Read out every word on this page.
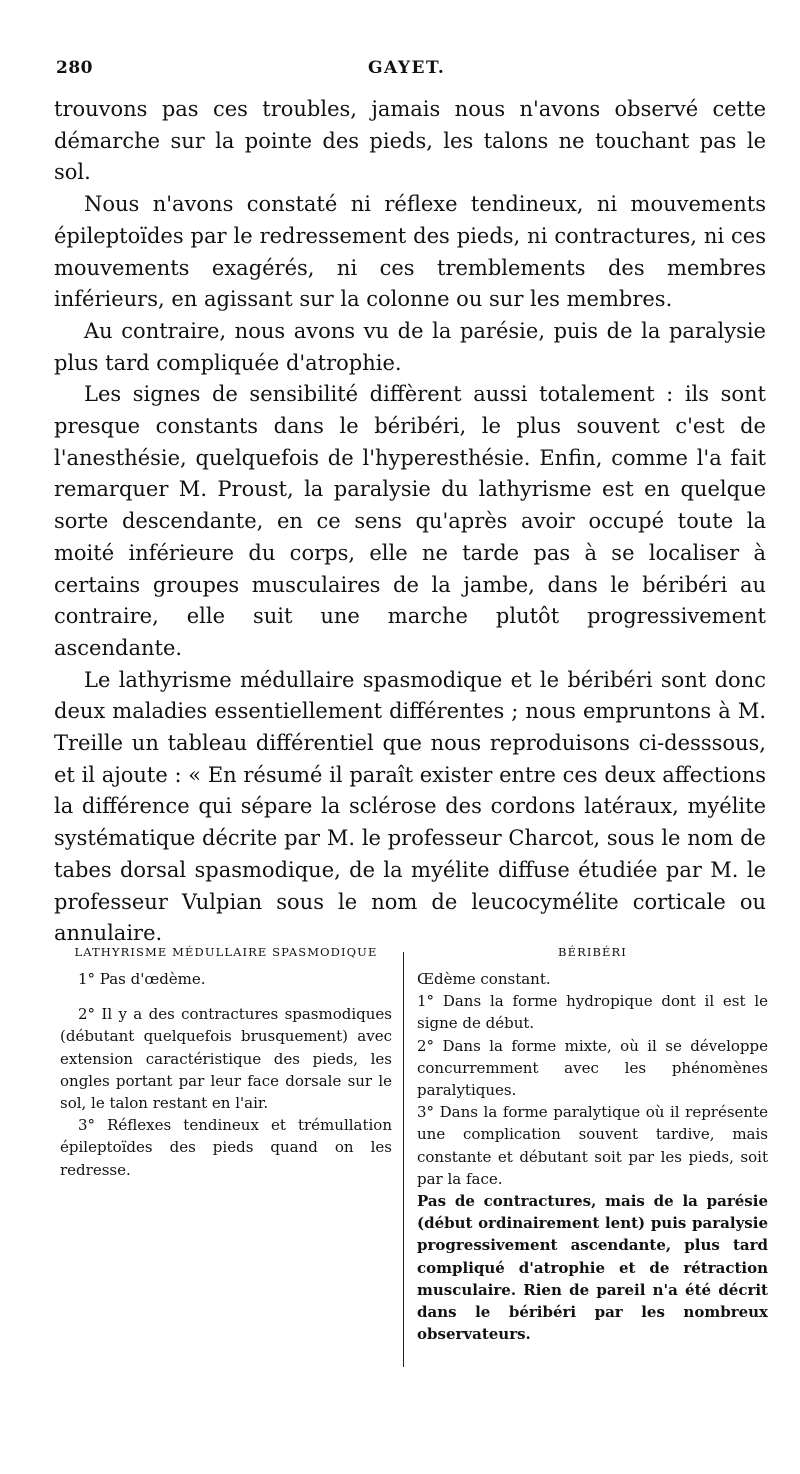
280	GAYET.

trouvons pas ces troubles, jamais nous n'avons observé cette démarche sur la pointe des pieds, les talons ne touchant pas le sol.

Nous n'avons constaté ni réflexe tendineux, ni mouvements épileptoïdes par le redressement des pieds, ni contractures, ni ces mouvements exagérés, ni ces tremblements des membres inférieurs, en agissant sur la colonne ou sur les membres.

Au contraire, nous avons vu de la parésie, puis de la paralysie plus tard compliquée d'atrophie.

Les signes de sensibilité diffèrent aussi totalement : ils sont presque constants dans le béribéri, le plus souvent c'est de l'anesthésie, quelquefois de l'hyperesthésie. Enfin, comme l'a fait remarquer M. Proust, la paralysie du lathyrisme est en quelque sorte descendante, en ce sens qu'après avoir occupé toute la moité inférieure du corps, elle ne tarde pas à se localiser à certains groupes musculaires de la jambe, dans le béribéri au contraire, elle suit une marche plutôt progressivement ascendante.

Le lathyrisme médullaire spasmodique et le béribéri sont donc deux maladies essentiellement différentes ; nous empruntons à M. Treille un tableau différentiel que nous reproduisons ci-desssous, et il ajoute : « En résumé il paraît exister entre ces deux affections la différence qui sépare la sclérose des cordons latéraux, myélite systématique décrite par M. le professeur Charcot, sous le nom de tabes dorsal spasmodique, de la myélite diffuse étudiée par M. le professeur Vulpian sous le nom de leucocymélite corticale ou annulaire.

LATHYRISME MÉDULLAIRE SPASMODIQUE

1° Pas d'œdème.

2° Il y a des contractures spasmodiques (débutant quelquefois brusquement) avec extension caractéristique des pieds, les ongles portant par leur face dorsale sur le sol, le talon restant en l'air.

3° Réflexes tendineux et trémullation épileptoïdes des pieds quand on les redresse.

BÉRIBÉRI

Œdème constant.

1° Dans la forme hydropique dont il est le signe de début.

2° Dans la forme mixte, où il se développe concurremment avec les phénomènes paralytiques.

3° Dans la forme paralytique où il représente une complication souvent tardive, mais constante et débutant soit par les pieds, soit par la face.

Pas de contractures, mais de la parésie (début ordinairement lent) puis paralysie progressivement ascendante, plus tard compliqué d'atrophie et de rétraction musculaire. Rien de pareil n'a été décrit dans le béribéri par les nombreux observateurs.
